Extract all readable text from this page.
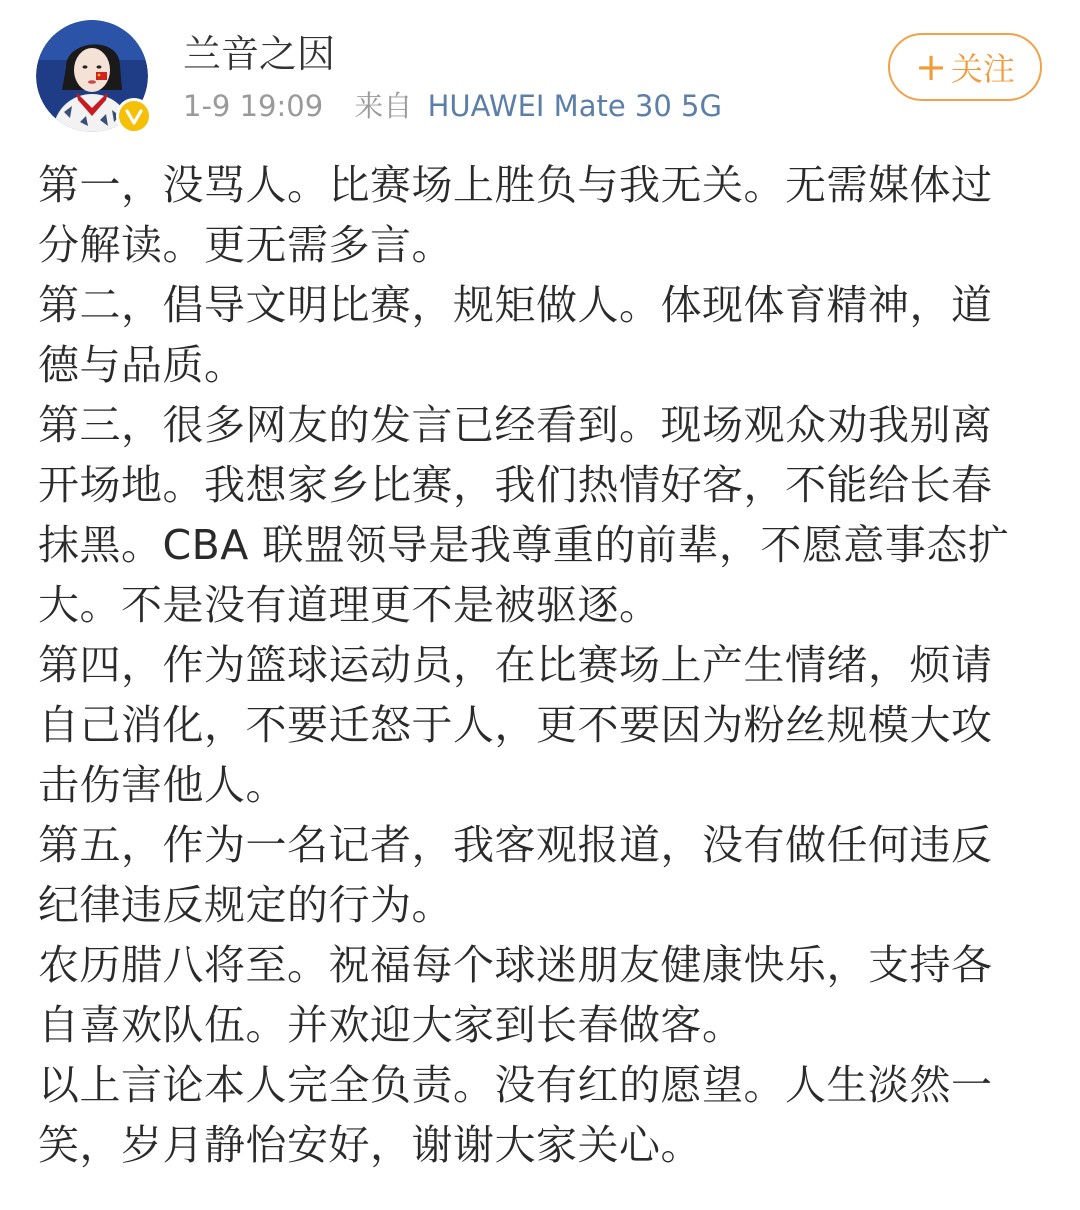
兰音之因
1-9 19:09 来自 HUAWEI Mate 30 5G
+ 关注

第一，没骂人。比赛场上胜负与我无关。无需媒体过分解读。更无需多言。

第二，倡导文明比赛，规矩做人。体现体育精神，道德与品质。

第三，很多网友的发言已经看到。现场观众劝我别离开场地。我想家乡比赛，我们热情好客，不能给长春抹黑。CBA 联盟领导是我尊重的前辈，不愿意事态扩大。不是没有道理更不是被驱逐。

第四，作为篮球运动员，在比赛场上产生情绪，烦请自己消化，不要迁怒于人，更不要因为粉丝规模大攻击伤害他人。

第五，作为一名记者，我客观报道，没有做任何违反纪律违反规定的行为。

农历腊八将至。祝福每个球迷朋友健康快乐，支持各自喜欢队伍。并欢迎大家到长春做客。

以上言论本人完全负责。没有红的愿望。人生淡然一笑，岁月静怡安好，谢谢大家关心。
